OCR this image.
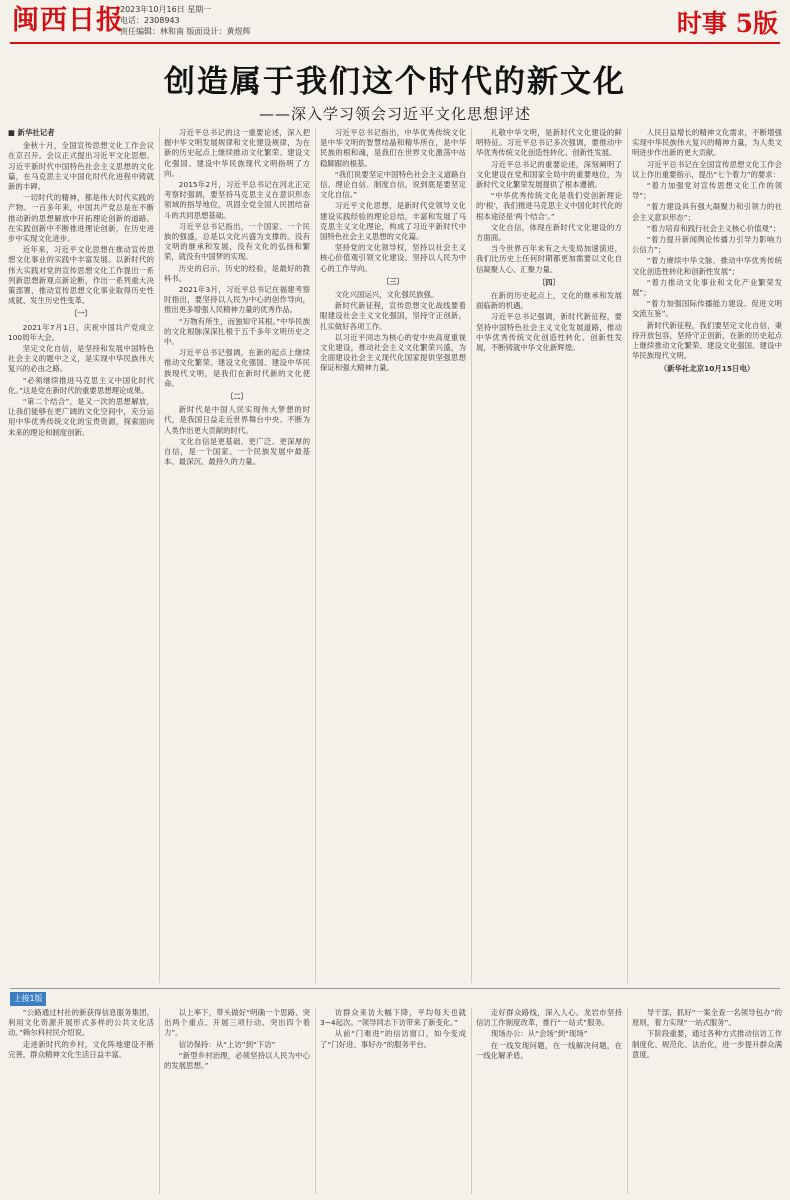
闽西日报
2023年10月16日 星期一
电话：2308943
责任编辑：林和南 版面设计：黄煜辉	时事 5版
创造属于我们这个时代的新文化
——深入学习领会习近平文化思想评述

■ 新华社记者

金秋十月，全国宣传思想文化工作会议在京召开。会议正式提出习近平文化思想。习近平新时代中国特色社会主义思想的文化篇，在马克思主义中国化时代化进程中铸就新的丰碑。

一切时代的精神，都是伟大时代实践的产物。一百多年来，中国共产党总是在不断推动新的思想解放中开拓理论创新的道路。在实践创新中不断推进理论创新，在历史进步中实现文化进步。

近年来，习近平文化思想在推动宣传思想文化事业的实践中丰富发展。以新时代的伟大实践对党的宣传思想文化工作提出一系列新思想新观点新论断，作出一系列重大决策部署，推动宣传思想文化事业取得历史性成就、发生历史性变革。

〔一〕

2021年7月1日，庆祝中国共产党成立100周年大会。

坚定文化自信，是坚持和发展中国特色社会主义的题中之义，是实现中华民族伟大复兴的必由之路。

“必须继续推进马克思主义中国化时代化。”这是党在新时代的重要思想理论成果。

“第二个结合”，是又一次的思想解放，让我们能够在更广阔的文化空间中，充分运用中华优秀传统文化的宝贵资源，探索面向未来的理论和制度创新。

习近平总书记的这一重要论述，深入把握中华文明发展规律和文化建设规律，为在新的历史起点上继续推动文化繁荣、建设文化强国、建设中华民族现代文明指明了方向。

2015年2月，习近平总书记在河北正定考察时强调，要坚持马克思主义在意识形态领域的指导地位，巩固全党全国人民团结奋斗的共同思想基础。

习近平总书记指出，一个国家、一个民族的强盛，总是以文化兴盛为支撑的。没有文明的继承和发展，没有文化的弘扬和繁荣，就没有中国梦的实现。

历史的启示，历史的经验，是最好的教科书。

2021年3月，习近平总书记在福建考察时指出，要坚持以人民为中心的创作导向，推出更多增强人民精神力量的优秀作品。

“万物有所生，而独知守其根。”中华民族的文化根脉深深扎根于五千多年文明历史之中。

习近平总书记强调，在新的起点上继续推动文化繁荣、建设文化强国、建设中华民族现代文明，是我们在新时代新的文化使命。

〔二〕

新时代是中国人民实现伟大梦想的时代，是我国日益走近世界舞台中央、不断为人类作出更大贡献的时代。

文化自信是更基础、更广泛、更深厚的自信，是一个国家、一个民族发展中最基本、最深沉、最持久的力量。

习近平总书记指出，中华优秀传统文化是中华文明的智慧结晶和精华所在，是中华民族的根和魂，是我们在世界文化激荡中站稳脚跟的根基。

“我们说要坚定中国特色社会主义道路自信、理论自信、制度自信，说到底是要坚定文化自信。”

习近平文化思想，是新时代党领导文化建设实践经验的理论总结，丰富和发展了马克思主义文化理论，构成了习近平新时代中国特色社会主义思想的文化篇。

坚持党的文化领导权，坚持以社会主义核心价值观引领文化建设，坚持以人民为中心的工作导向。

〔三〕

文化兴国运兴，文化强民族强。

新时代新征程，宣传思想文化战线要着眼建设社会主义文化强国，坚持守正创新，扎实做好各项工作。

以习近平同志为核心的党中央高度重视文化建设，推动社会主义文化繁荣兴盛，为全面建设社会主义现代化国家提供坚强思想保证和强大精神力量。

礼敬中华文明，是新时代文化建设的鲜明特征。习近平总书记多次强调，要推动中华优秀传统文化创造性转化、创新性发展。

习近平总书记的重要论述，深刻阐明了文化建设在党和国家全局中的重要地位，为新时代文化繁荣发展提供了根本遵循。

“中华优秀传统文化是我们党创新理论的‘根’，我们推进马克思主义中国化时代化的根本途径是‘两个结合’。”

文化自信，体现在新时代文化建设的方方面面。

当今世界百年未有之大变局加速演进，我们比历史上任何时期都更加需要以文化自信凝聚人心、汇聚力量。

〔四〕

在新的历史起点上，文化的继承和发展面临新的机遇。

习近平总书记强调，新时代新征程，要坚持中国特色社会主义文化发展道路，推动中华优秀传统文化创造性转化、创新性发展，不断铸就中华文化新辉煌。

人民日益增长的精神文化需求，不断增强实现中华民族伟大复兴的精神力量，为人类文明进步作出新的更大贡献。

习近平总书记在全国宣传思想文化工作会议上作出重要指示，提出“七个着力”的要求：

“着力加强党对宣传思想文化工作的领导”；

“着力建设具有强大凝聚力和引领力的社会主义意识形态”；

“着力培育和践行社会主义核心价值观”；

“着力提升新闻舆论传播力引导力影响力公信力”；

“着力赓续中华文脉、推动中华优秀传统文化创造性转化和创新性发展”；

“着力推动文化事业和文化产业繁荣发展”；

“着力加强国际传播能力建设、促进文明交流互鉴”。

新时代新征程，我们要坚定文化自信，秉持开放包容，坚持守正创新，在新的历史起点上继续推动文化繁荣、建设文化强国、建设中华民族现代文明。

（新华社北京10月15日电）

上接1版

“公路通过村社的新获得信息服务集团，利用文化资源开展形式多样的公共文化活动。”赖尔科村民介绍说。

走进新时代的乡村，文化阵地建设不断完善，群众精神文化生活日益丰富。

以上率下，带头做好“明确一个思路、突出两个重点、开展三项行动、突出四个着力”。

信访保持：从“上访”到“下访”

“新型乡村治理，必须坚持以人民为中心的发展思想。”

访群众来访大幅下降，平均每天也就3~4起次。“领导同志下访带来了新变化。”

从前“门难进”的信访窗口，如今变成了“门好进、事好办”的服务平台。

走好群众路线，深入人心。龙岩市坚持信访工作制度改革，推行“一站式”服务。

现场办公：从“会场”到“现场”

在一线发现问题，在一线解决问题，在一线化解矛盾。

导干部，抓好“一案全查一名领导包办”的原则，着力实现“一站式服务”。

下阶段重要，通过各种方式推动信访工作制度化、规范化、法治化，进一步提升群众满意度。
